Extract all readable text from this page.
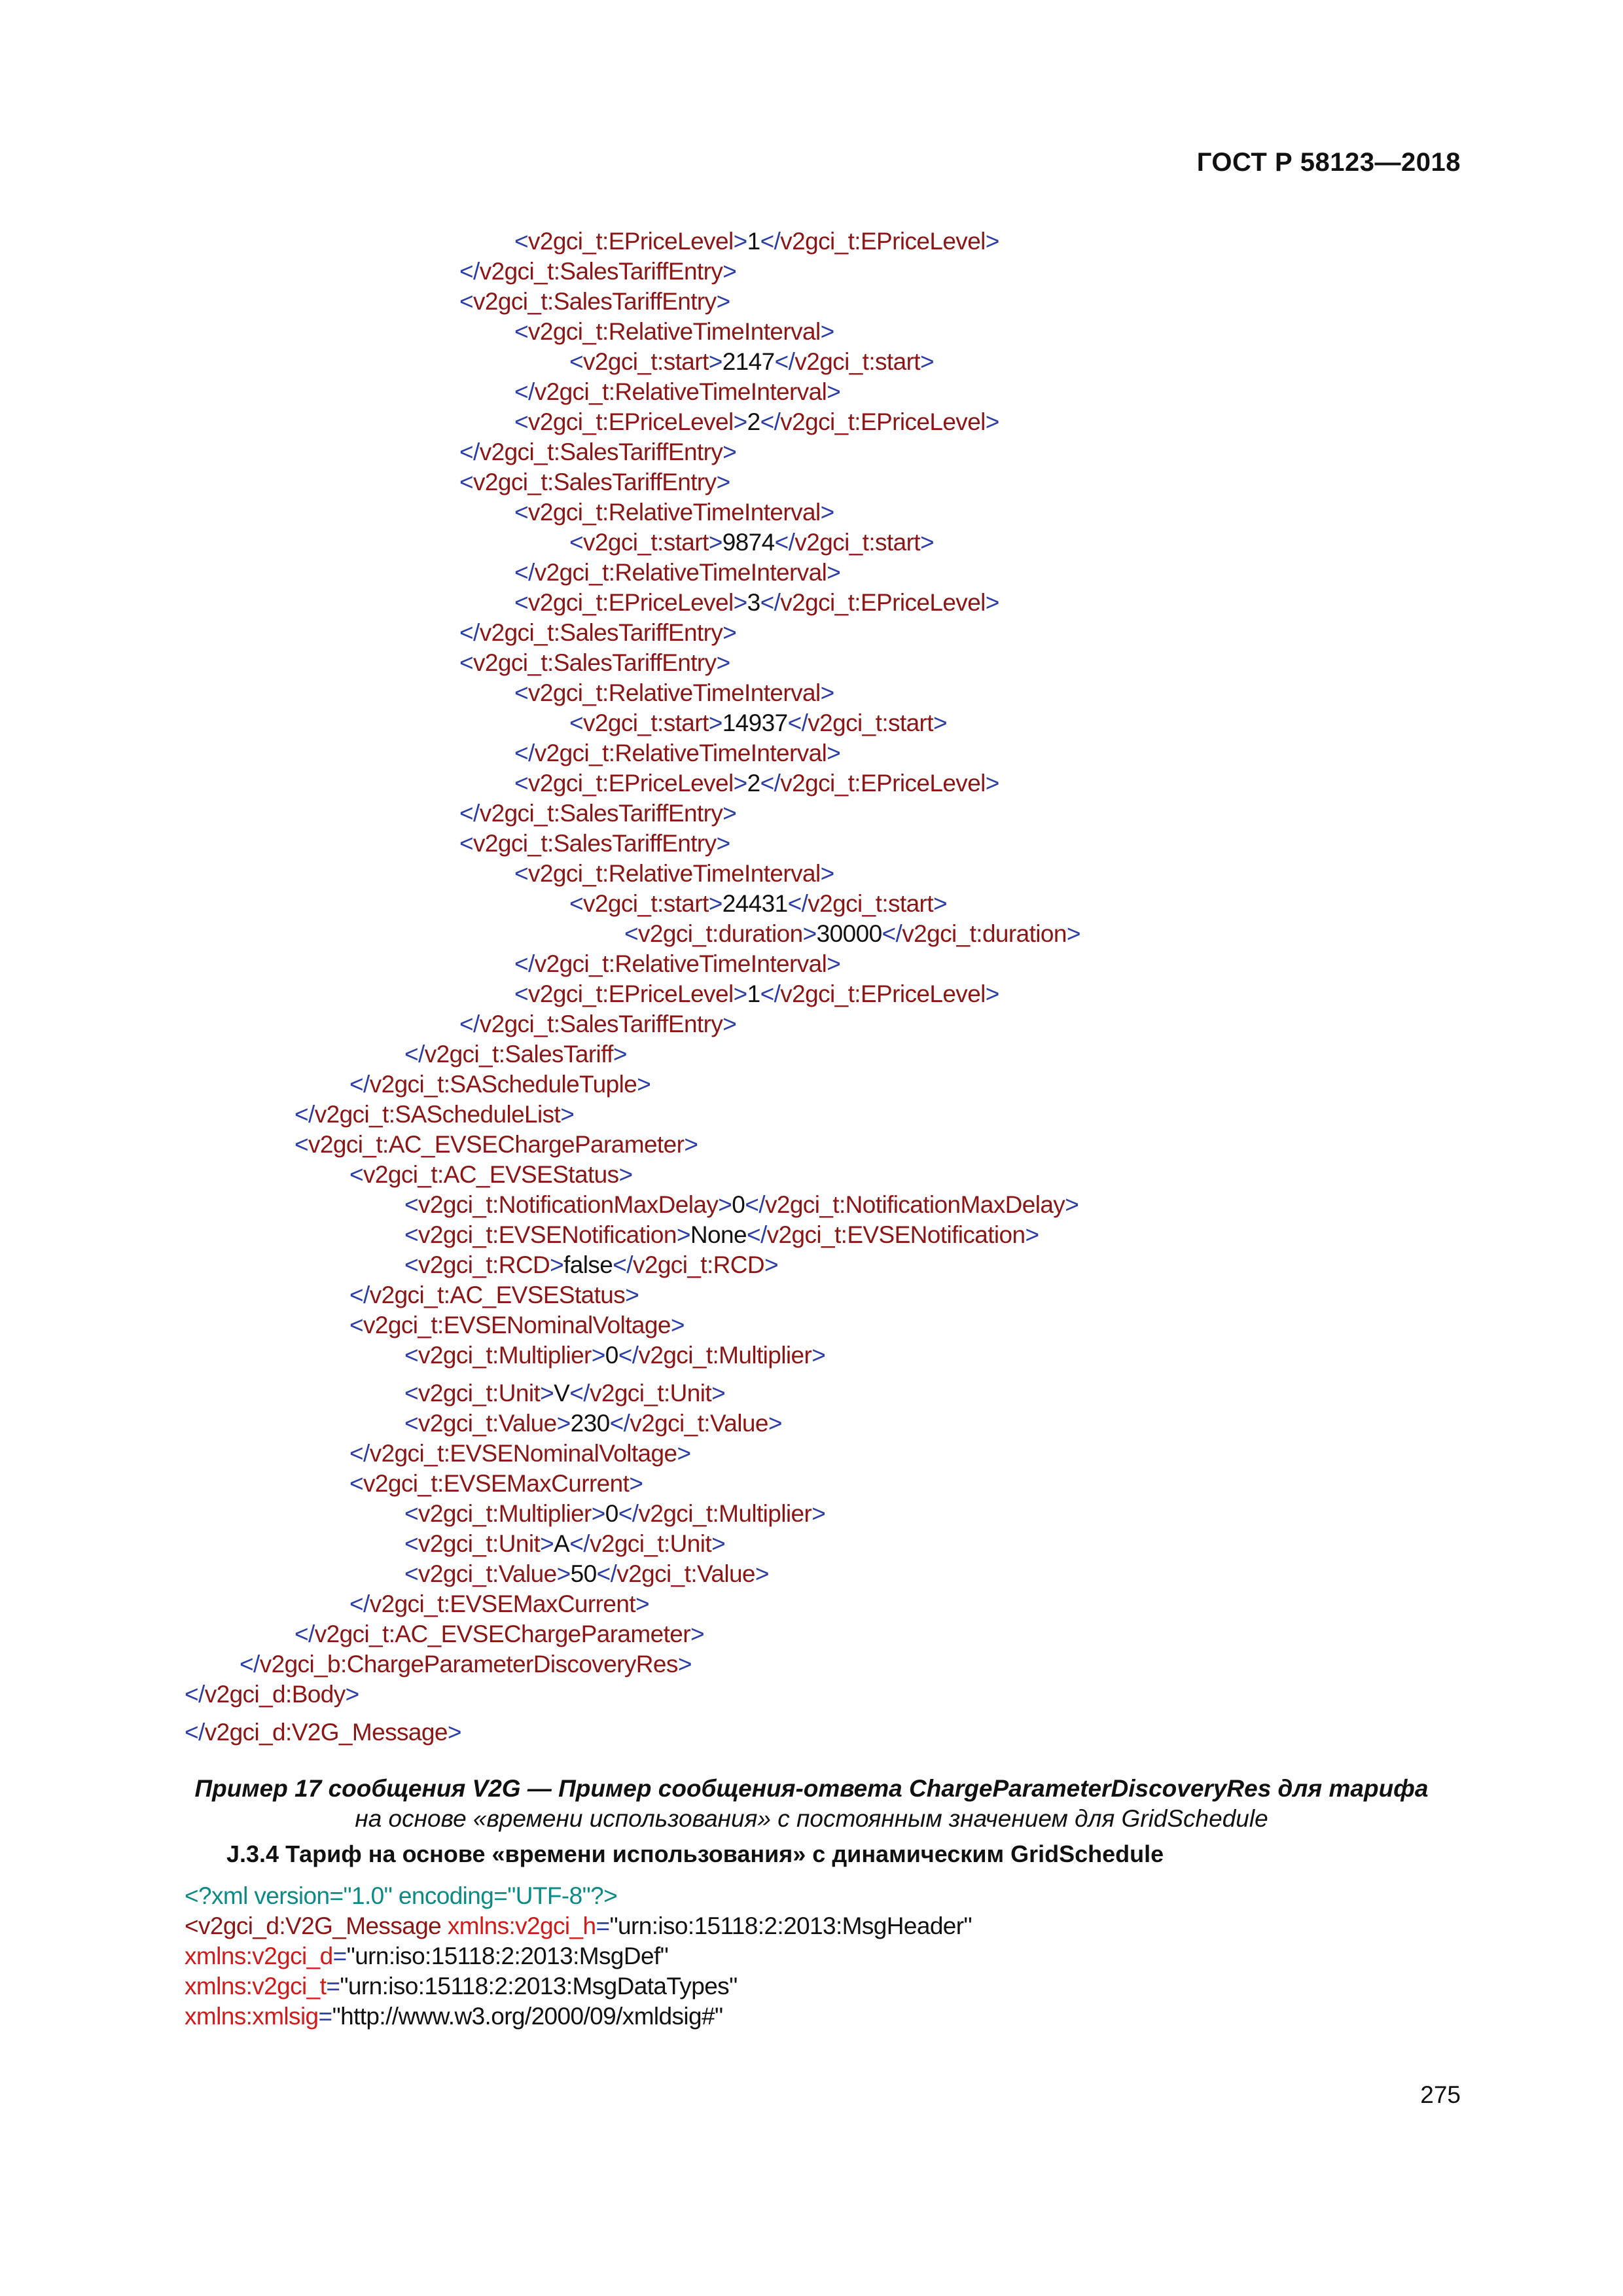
ГОСТ Р 58123—2018
<v2gci_t:EPriceLevel>1</v2gci_t:EPriceLevel>
</v2gci_t:SalesTariffEntry>
<v2gci_t:SalesTariffEntry>
<v2gci_t:RelativeTimeInterval>
<v2gci_t:start>2147</v2gci_t:start>
</v2gci_t:RelativeTimeInterval>
<v2gci_t:EPriceLevel>2</v2gci_t:EPriceLevel>
</v2gci_t:SalesTariffEntry>
<v2gci_t:SalesTariffEntry>
<v2gci_t:RelativeTimeInterval>
<v2gci_t:start>9874</v2gci_t:start>
</v2gci_t:RelativeTimeInterval>
<v2gci_t:EPriceLevel>3</v2gci_t:EPriceLevel>
</v2gci_t:SalesTariffEntry>
<v2gci_t:SalesTariffEntry>
<v2gci_t:RelativeTimeInterval>
<v2gci_t:start>14937</v2gci_t:start>
</v2gci_t:RelativeTimeInterval>
<v2gci_t:EPriceLevel>2</v2gci_t:EPriceLevel>
</v2gci_t:SalesTariffEntry>
<v2gci_t:SalesTariffEntry>
<v2gci_t:RelativeTimeInterval>
<v2gci_t:start>24431</v2gci_t:start>
<v2gci_t:duration>30000</v2gci_t:duration>
</v2gci_t:RelativeTimeInterval>
<v2gci_t:EPriceLevel>1</v2gci_t:EPriceLevel>
</v2gci_t:SalesTariffEntry>
</v2gci_t:SalesTariff>
</v2gci_t:SAScheduleTuple>
</v2gci_t:SAScheduleList>
<v2gci_t:AC_EVSEChargeParameter>
<v2gci_t:AC_EVSEStatus>
<v2gci_t:NotificationMaxDelay>0</v2gci_t:NotificationMaxDelay>
<v2gci_t:EVSENotification>None</v2gci_t:EVSENotification>
<v2gci_t:RCD>false</v2gci_t:RCD>
</v2gci_t:AC_EVSEStatus>
<v2gci_t:EVSENominalVoltage>
<v2gci_t:Multiplier>0</v2gci_t:Multiplier>
<v2gci_t:Unit>V</v2gci_t:Unit>
<v2gci_t:Value>230</v2gci_t:Value>
</v2gci_t:EVSENominalVoltage>
<v2gci_t:EVSEMaxCurrent>
<v2gci_t:Multiplier>0</v2gci_t:Multiplier>
<v2gci_t:Unit>A</v2gci_t:Unit>
<v2gci_t:Value>50</v2gci_t:Value>
</v2gci_t:EVSEMaxCurrent>
</v2gci_t:AC_EVSEChargeParameter>
</v2gci_b:ChargeParameterDiscoveryRes>
</v2gci_d:Body>
</v2gci_d:V2G_Message>
Пример 17 сообщения V2G — Пример сообщения-ответа ChargeParameterDiscoveryRes для тарифа
на основе «времени использования» с постоянным значением для GridSchedule
J.3.4 Тариф на основе «времени использования» с динамическим GridSchedule
<?xml version="1.0" encoding="UTF-8"?>
<v2gci_d:V2G_Message xmlns:v2gci_h="urn:iso:15118:2:2013:MsgHeader"
xmlns:v2gci_d="urn:iso:15118:2:2013:MsgDef"
xmlns:v2gci_t="urn:iso:15118:2:2013:MsgDataTypes"
xmlns:xmlsig="http://www.w3.org/2000/09/xmldsig#"
275
